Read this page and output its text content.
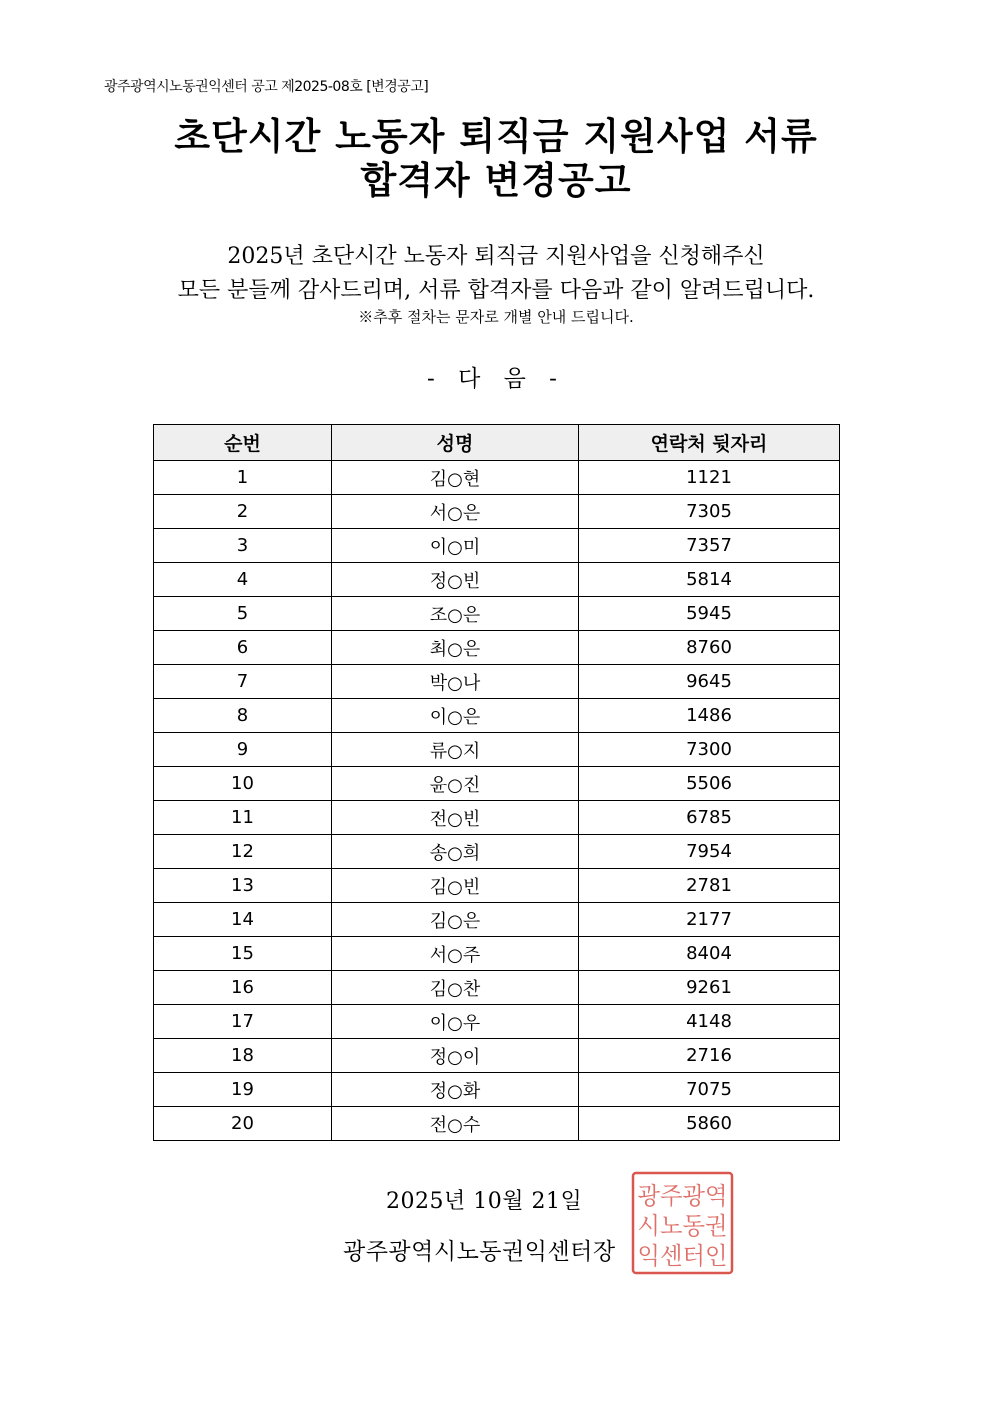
광주광역시노동권익센터 공고 제2025-08호 [변경공고]
초단시간 노동자 퇴직금 지원사업 서류
합격자 변경공고
2025년 초단시간 노동자 퇴직금 지원사업을 신청해주신
모든 분들께 감사드리며, 서류 합격자를 다음과 같이 알려드립니다.
※추후 절차는 문자로 개별 안내 드립니다.
- 다 음 -
순번	성명	연락처 뒷자리
1	김○현	1121
2	서○은	7305
3	이○미	7357
4	정○빈	5814
5	조○은	5945
6	최○은	8760
7	박○나	9645
8	이○은	1486
9	류○지	7300
10	윤○진	5506
11	전○빈	6785
12	송○희	7954
13	김○빈	2781
14	김○은	2177
15	서○주	8404
16	김○찬	9261
17	이○우	4148
18	정○이	2716
19	정○화	7075
20	전○수	5860
2025년 10월 21일
광주광역시노동권익센터장
광주광역
시노동권
익센터인
